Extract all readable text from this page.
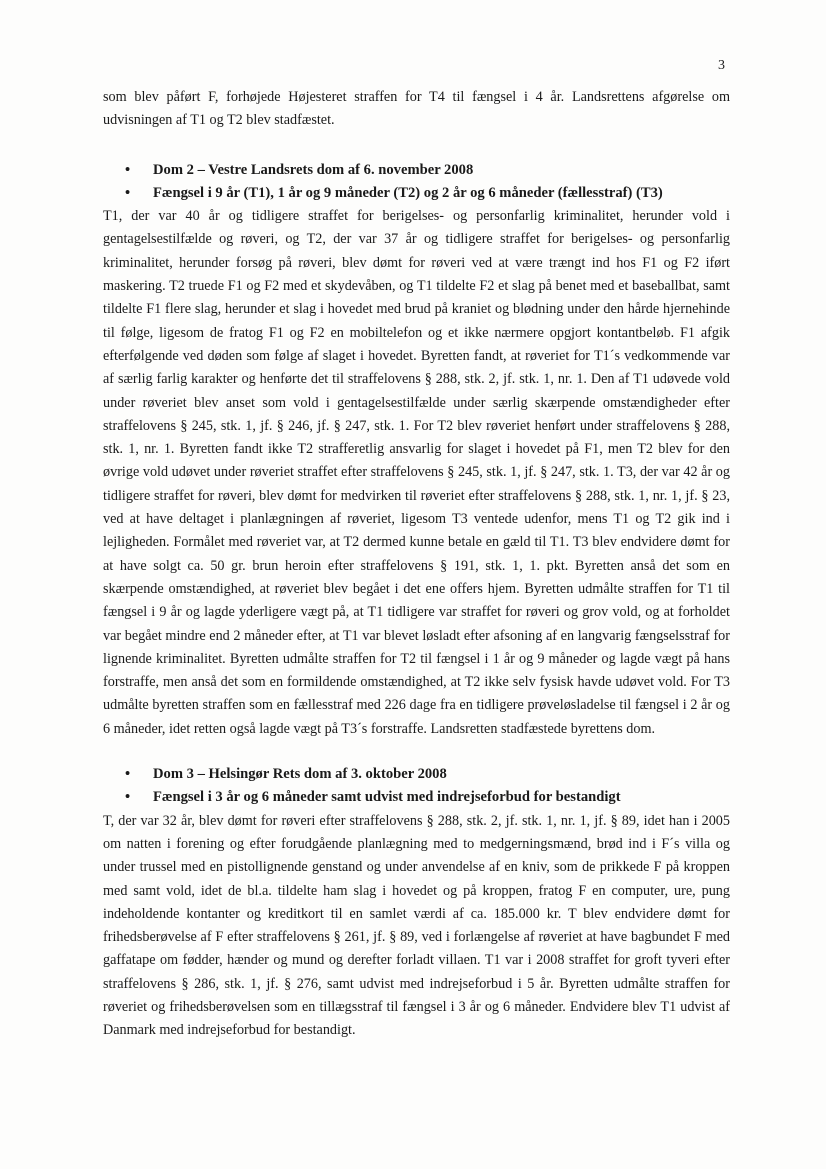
3

som blev påført F, forhøjede Højesteret straffen for T4 til fængsel i 4 år. Landsrettens afgørelse om udvisningen af T1 og T2 blev stadfæstet.

• Dom 2 – Vestre Landsrets dom af 6. november 2008
• Fængsel i 9 år (T1), 1 år og 9 måneder (T2) og 2 år og 6 måneder (fællesstraf) (T3)

T1, der var 40 år og tidligere straffet for berigelses- og personfarlig kriminalitet, herunder vold i gentagelsestilfælde og røveri, og T2, der var 37 år og tidligere straffet for berigelses- og personfarlig kriminalitet, herunder forsøg på røveri, blev dømt for røveri ved at være trængt ind hos F1 og F2 iført maskering. T2 truede F1 og F2 med et skydevåben, og T1 tildelte F2 et slag på benet med et baseballbat, samt tildelte F1 flere slag, herunder et slag i hovedet med brud på kraniet og blødning under den hårde hjernehinde til følge, ligesom de fratog F1 og F2 en mobiltelefon og et ikke nærmere opgjort kontantbeløb. F1 afgik efterfølgende ved døden som følge af slaget i hovedet. Byretten fandt, at røveriet for T1´s vedkommende var af særlig farlig karakter og henførte det til straffelovens § 288, stk. 2, jf. stk. 1, nr. 1. Den af T1 udøvede vold under røveriet blev anset som vold i gentagelsestilfælde under særlig skærpende omstændigheder efter straffelovens § 245, stk. 1, jf. § 246, jf. § 247, stk. 1. For T2 blev røveriet henført under straffelovens § 288, stk. 1, nr. 1. Byretten fandt ikke T2 strafferetlig ansvarlig for slaget i hovedet på F1, men T2 blev for den øvrige vold udøvet under røveriet straffet efter straffelovens § 245, stk. 1, jf. § 247, stk. 1. T3, der var 42 år og tidligere straffet for røveri, blev dømt for medvirken til røveriet efter straffelovens § 288, stk. 1, nr. 1, jf. § 23, ved at have deltaget i planlægningen af røveriet, ligesom T3 ventede udenfor, mens T1 og T2 gik ind i lejligheden. Formålet med røveriet var, at T2 dermed kunne betale en gæld til T1. T3 blev endvidere dømt for at have solgt ca. 50 gr. brun heroin efter straffelovens § 191, stk. 1, 1. pkt. Byretten anså det som en skærpende omstændighed, at røveriet blev begået i det ene offers hjem. Byretten udmålte straffen for T1 til fængsel i 9 år og lagde yderligere vægt på, at T1 tidligere var straffet for røveri og grov vold, og at forholdet var begået mindre end 2 måneder efter, at T1 var blevet løsladt efter afsoning af en langvarig fængselsstraf for lignende kriminalitet. Byretten udmålte straffen for T2 til fængsel i 1 år og 9 måneder og lagde vægt på hans forstraffe, men anså det som en formildende omstændighed, at T2 ikke selv fysisk havde udøvet vold. For T3 udmålte byretten straffen som en fællesstraf med 226 dage fra en tidligere prøveløsladelse til fængsel i 2 år og 6 måneder, idet retten også lagde vægt på T3´s forstraffe. Landsretten stadfæstede byrettens dom.

• Dom 3 – Helsingør Rets dom af 3. oktober 2008
• Fængsel i 3 år og 6 måneder samt udvist med indrejseforbud for bestandigt

T, der var 32 år, blev dømt for røveri efter straffelovens § 288, stk. 2, jf. stk. 1, nr. 1, jf. § 89, idet han i 2005 om natten i forening og efter forudgående planlægning med to medgerningsmænd, brød ind i F´s villa og under trussel med en pistollignende genstand og under anvendelse af en kniv, som de prikkede F på kroppen med samt vold, idet de bl.a. tildelte ham slag i hovedet og på kroppen, fratog F en computer, ure, pung indeholdende kontanter og kreditkort til en samlet værdi af ca. 185.000 kr. T blev endvidere dømt for frihedsberøvelse af F efter straffelovens § 261, jf. § 89, ved i forlængelse af røveriet at have bagbundet F med gaffatape om fødder, hænder og mund og derefter forladt villaen. T1 var i 2008 straffet for groft tyveri efter straffelovens § 286, stk. 1, jf. § 276, samt udvist med indrejseforbud i 5 år. Byretten udmålte straffen for røveriet og frihedsberøvelsen som en tillægsstraf til fængsel i 3 år og 6 måneder. Endvidere blev T1 udvist af Danmark med indrejseforbud for bestandigt.
